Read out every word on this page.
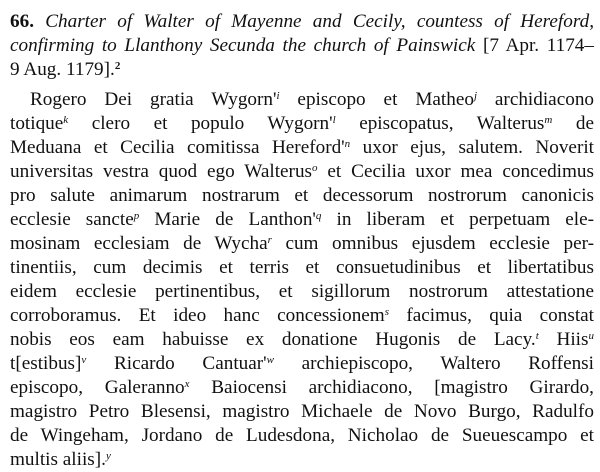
66. Charter of Walter of Mayenne and Cecily, countess of Hereford,
confirming to Llanthony Secunda the church of Painswick [7 Apr. 1174–
9 Aug. 1179].$^2$
Rogero Dei gratia Wygorn'$^i$ episcopo et Matheo$^j$ archidiacono
totique$^k$ clero et populo Wygorn'$^l$ episcopatus, Walterus$^m$ de
Meduana et Cecilia comitissa Hereford'$^n$ uxor ejus, salutem. Noverit
universitas vestra quod ego Walterus$^o$ et Cecilia uxor mea concedimus
pro salute animarum nostrarum et decessorum nostrorum canonicis
ecclesie sancte$^p$ Marie de Lanthon'$^q$ in liberam et perpetuam ele-
mosinam ecclesiam de Wycha$^r$ cum omnibus ejusdem ecclesie per-
tinentiis, cum decimis et terris et consuetudinibus et libertatibus
eidem ecclesie pertinentibus, et sigillorum nostrorum attestatione
corroboramus. Et ideo hanc concessionem$^s$ facimus, quia constat
nobis eos eam habuisse ex donatione Hugonis de Lacy.$^t$ Hiis$^u$
t[estibus]$^v$ Ricardo Cantuar'$^w$ archiepiscopo, Waltero Roffensi
episcopo, Galeranno$^x$ Baiocensi archidiacono, [magistro Girardo,
magistro Petro Blesensi, magistro Michaele de Novo Burgo, Radulfo
de Wingeham, Jordano de Ludesdona, Nicholao de Sueuescampo et
multis aliis].$^y$
